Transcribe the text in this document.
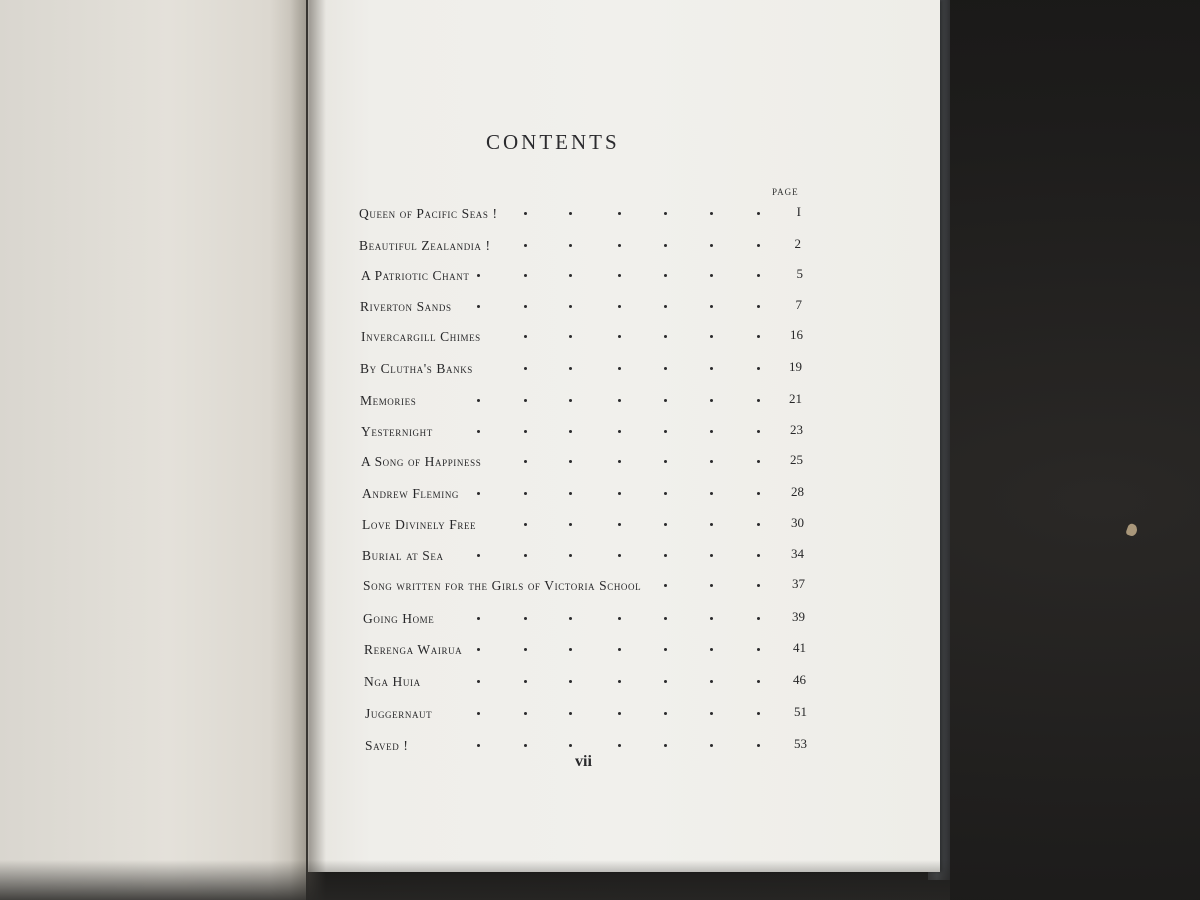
CONTENTS
PAGE
Queen of Pacific Seas !	I
Beautiful Zealandia !	2
A Patriotic Chant	5
Riverton Sands	7
Invercargill Chimes	16
By Clutha's Banks	19
Memories	21
Yesternight	23
A Song of Happiness	25
Andrew Fleming	28
Love Divinely Free	30
Burial at Sea	34
Song written for the Girls of Victoria School	37
Going Home	39
Rerenga Wairua	41
Nga Huia	46
Juggernaut	51
Saved !	53
vii
